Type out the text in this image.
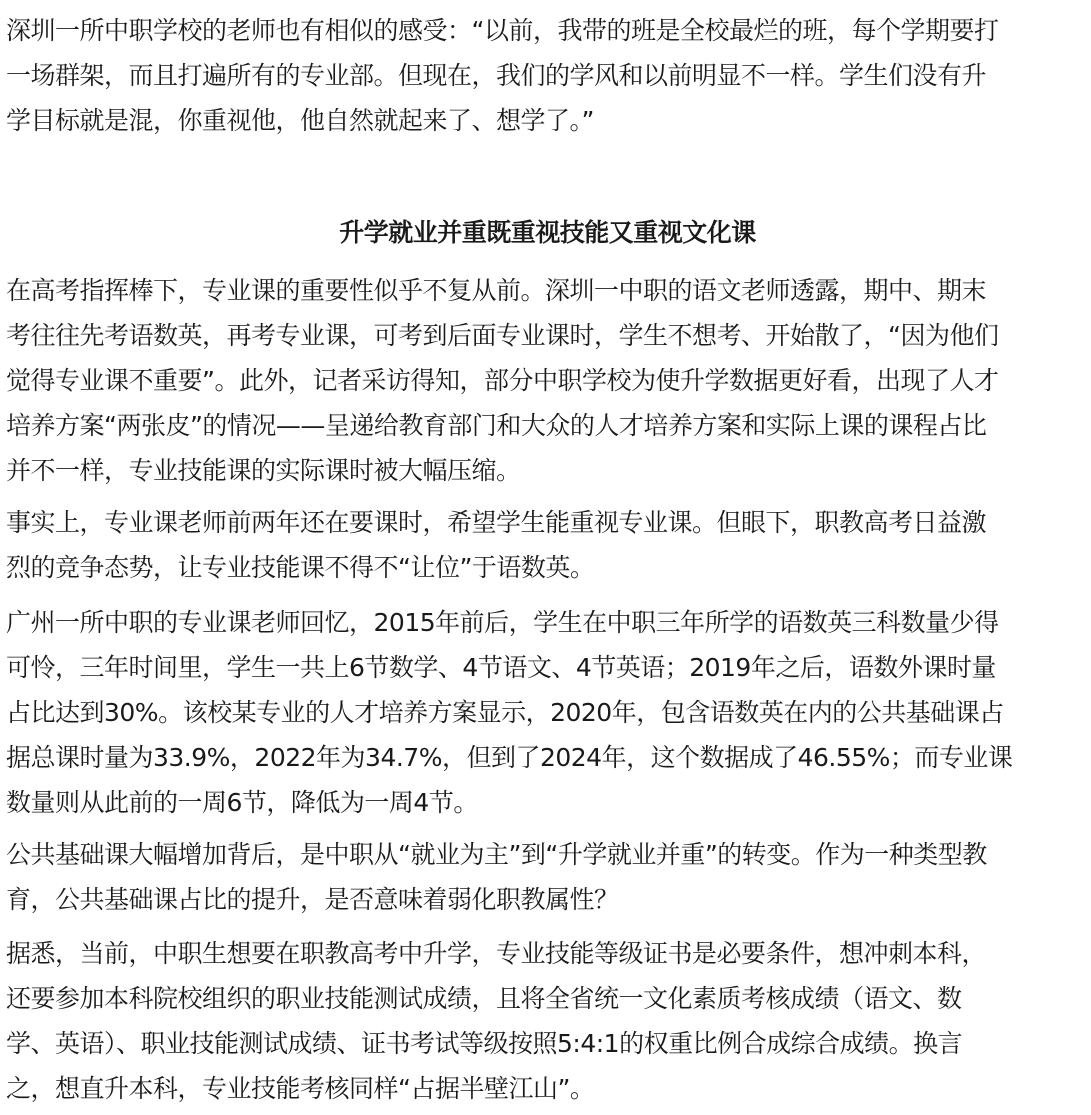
深圳一所中职学校的老师也有相似的感受：“以前，我带的班是全校最烂的班，每个学期要打
一场群架，而且打遍所有的专业部。但现在，我们的学风和以前明显不一样。学生们没有升
学目标就是混，你重视他，他自然就起来了、想学了。”
升学就业并重既重视技能又重视文化课
在高考指挥棒下，专业课的重要性似乎不复从前。深圳一中职的语文老师透露，期中、期末
考往往先考语数英，再考专业课，可考到后面专业课时，学生不想考、开始散了，“因为他们
觉得专业课不重要”。此外，记者采访得知，部分中职学校为使升学数据更好看，出现了人才
培养方案“两张皮”的情况——呈递给教育部门和大众的人才培养方案和实际上课的课程占比
并不一样，专业技能课的实际课时被大幅压缩。
事实上，专业课老师前两年还在要课时，希望学生能重视专业课。但眼下，职教高考日益激
烈的竞争态势，让专业技能课不得不“让位”于语数英。
广州一所中职的专业课老师回忆，2015年前后，学生在中职三年所学的语数英三科数量少得
可怜，三年时间里，学生一共上6节数学、4节语文、4节英语；2019年之后，语数外课时量
占比达到30%。该校某专业的人才培养方案显示，2020年，包含语数英在内的公共基础课占
据总课时量为33.9%，2022年为34.7%，但到了2024年，这个数据成了46.55%；而专业课
数量则从此前的一周6节，降低为一周4节。
公共基础课大幅增加背后，是中职从“就业为主”到“升学就业并重”的转变。作为一种类型教
育，公共基础课占比的提升，是否意味着弱化职教属性？
据悉，当前，中职生想要在职教高考中升学，专业技能等级证书是必要条件，想冲刺本科，
还要参加本科院校组织的职业技能测试成绩，且将全省统一文化素质考核成绩（语文、数
学、英语）、职业技能测试成绩、证书考试等级按照5:4:1的权重比例合成综合成绩。换言
之，想直升本科，专业技能考核同样“占据半壁江山”。
